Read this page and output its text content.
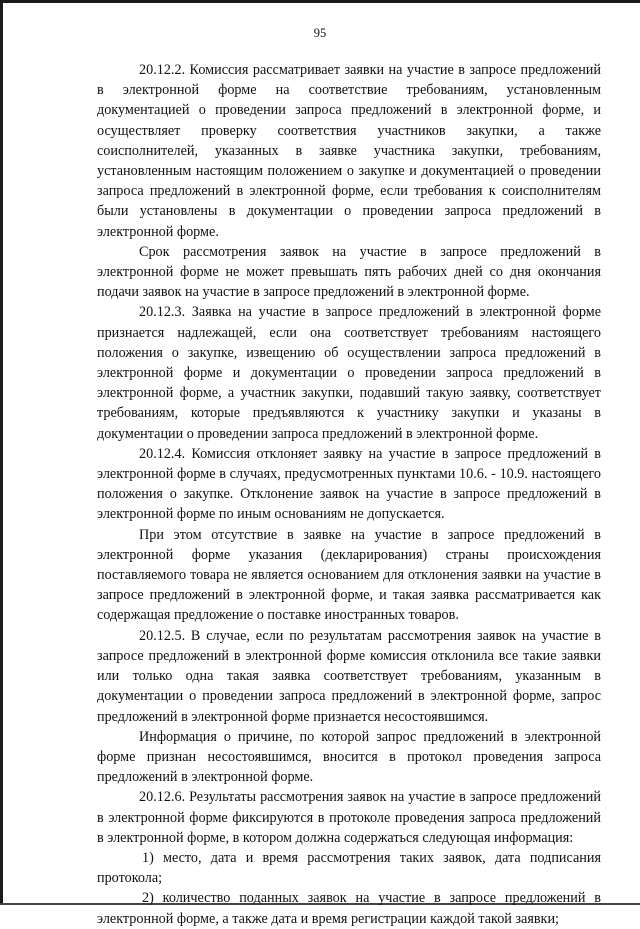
95

20.12.2. Комиссия рассматривает заявки на участие в запросе предложений в электронной форме на соответствие требованиям, установленным документацией о проведении запроса предложений в электронной форме, и осуществляет проверку соответствия участников закупки, а также соисполнителей, указанных в заявке участника закупки, требованиям, установленным настоящим положением о закупке и документацией о проведении запроса предложений в электронной форме, если требования к соисполнителям были установлены в документации о проведении запроса предложений в электронной форме.

Срок рассмотрения заявок на участие в запросе предложений в электронной форме не может превышать пять рабочих дней со дня окончания подачи заявок на участие в запросе предложений в электронной форме.

20.12.3. Заявка на участие в запросе предложений в электронной форме признается надлежащей, если она соответствует требованиям настоящего положения о закупке, извещению об осуществлении запроса предложений в электронной форме и документации о проведении запроса предложений в электронной форме, а участник закупки, подавший такую заявку, соответствует требованиям, которые предъявляются к участнику закупки и указаны в документации о проведении запроса предложений в электронной форме.

20.12.4. Комиссия отклоняет заявку на участие в запросе предложений в электронной форме в случаях, предусмотренных пунктами 10.6. - 10.9. настоящего положения о закупке. Отклонение заявок на участие в запросе предложений в электронной форме по иным основаниям не допускается.

При этом отсутствие в заявке на участие в запросе предложений в электронной форме указания (декларирования) страны происхождения поставляемого товара не является основанием для отклонения заявки на участие в запросе предложений в электронной форме, и такая заявка рассматривается как содержащая предложение о поставке иностранных товаров.

20.12.5. В случае, если по результатам рассмотрения заявок на участие в запросе предложений в электронной форме комиссия отклонила все такие заявки или только одна такая заявка соответствует требованиям, указанным в документации о проведении запроса предложений в электронной форме, запрос предложений в электронной форме признается несостоявшимся.

Информация о причине, по которой запрос предложений в электронной форме признан несостоявшимся, вносится в протокол проведения запроса предложений в электронной форме.

20.12.6. Результаты рассмотрения заявок на участие в запросе предложений в электронной форме фиксируются в протоколе проведения запроса предложений в электронной форме, в котором должна содержаться следующая информация:

1) место, дата и время рассмотрения таких заявок, дата подписания протокола;

2) количество поданных заявок на участие в запросе предложений в электронной форме, а также дата и время регистрации каждой такой заявки;
